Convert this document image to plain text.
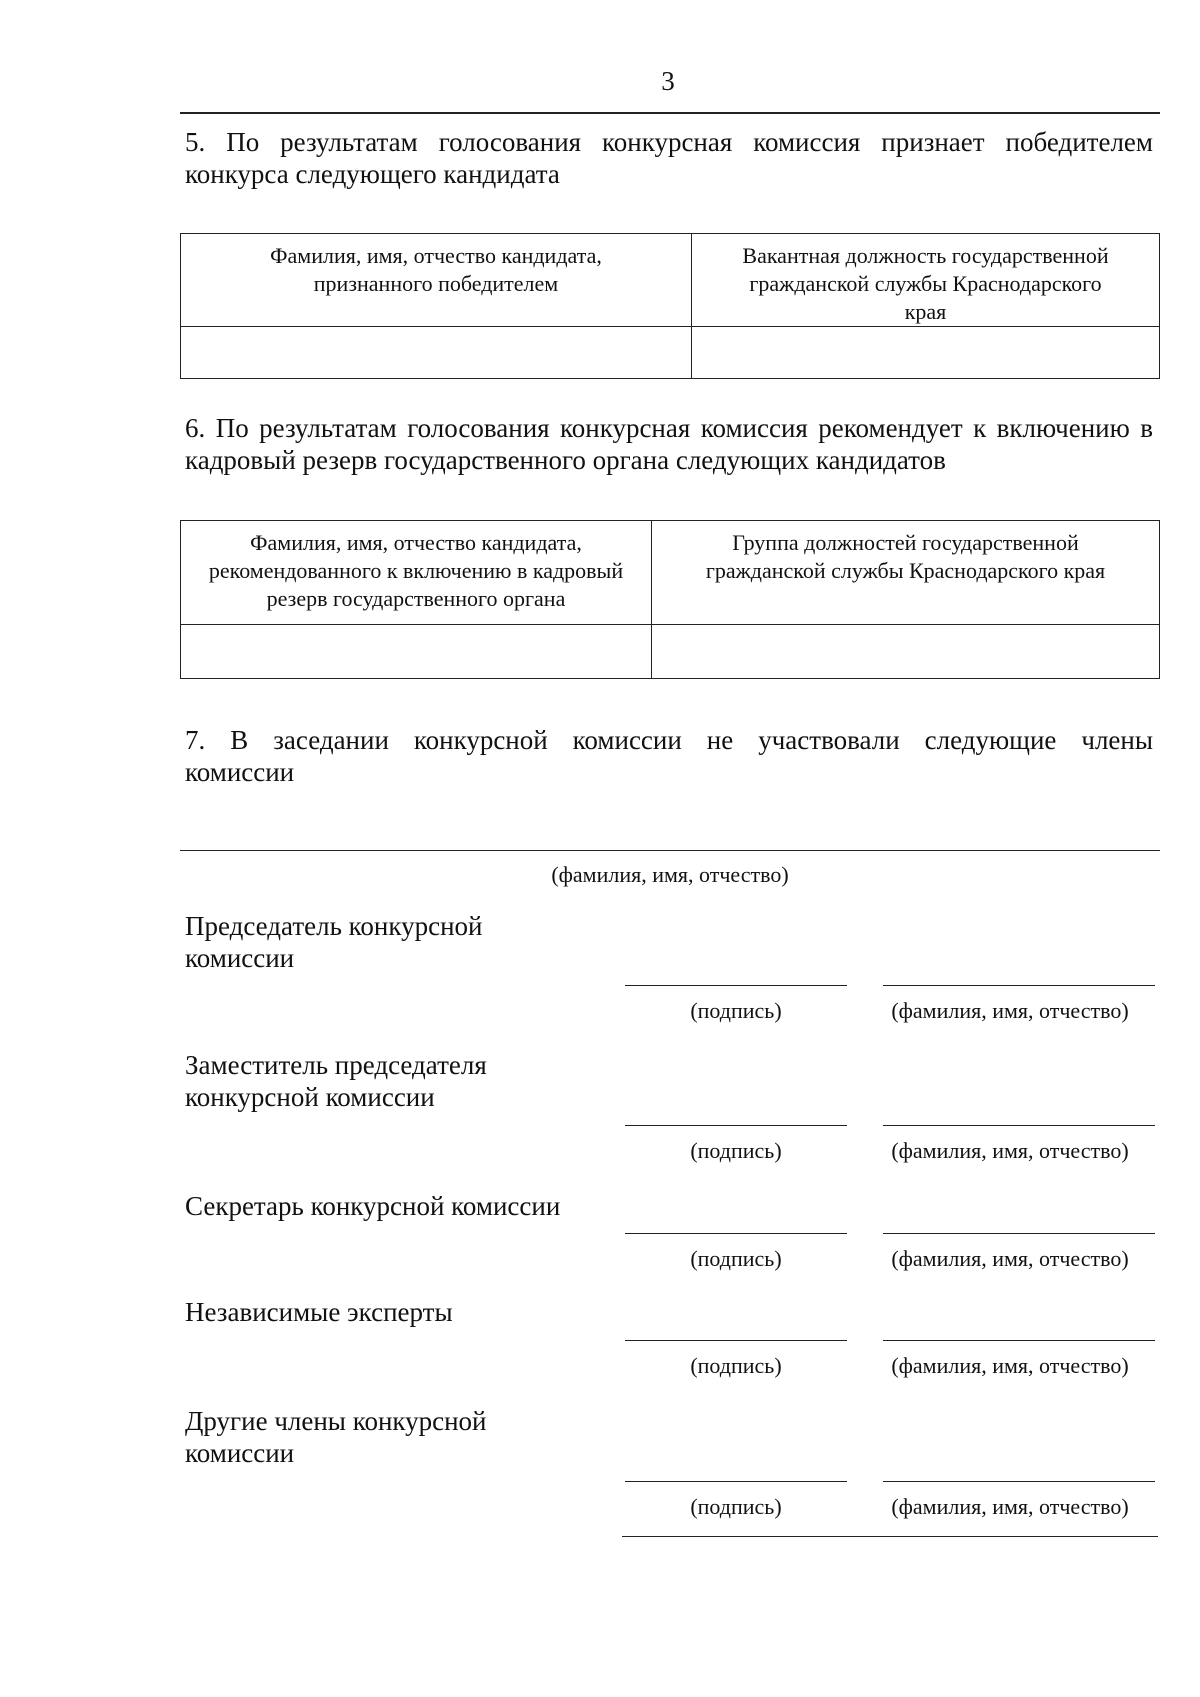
3
5. По результатам голосования конкурсная комиссия признает победителем конкурса следующего кандидата
Фамилия, имя, отчество кандидата, признанного победителем	Вакантная должность государственной гражданской службы Краснодарского края

6. По результатам голосования конкурсная комиссия рекомендует к включению в кадровый резерв государственного органа следующих кандидатов
Фамилия, имя, отчество кандидата, рекомендованного к включению в кадровый резерв государственного органа	Группа должностей государственной гражданской службы Краснодарского края

7. В заседании конкурсной комиссии не участвовали следующие члены
комиссии
(фамилия, имя, отчество)
Председатель конкурсной комиссии
(подпись)	(фамилия, имя, отчество)
Заместитель председателя конкурсной комиссии
(подпись)	(фамилия, имя, отчество)
Секретарь конкурсной комиссии
(подпись)	(фамилия, имя, отчество)
Независимые эксперты
(подпись)	(фамилия, имя, отчество)
Другие члены конкурсной комиссии
(подпись)	(фамилия, имя, отчество)
